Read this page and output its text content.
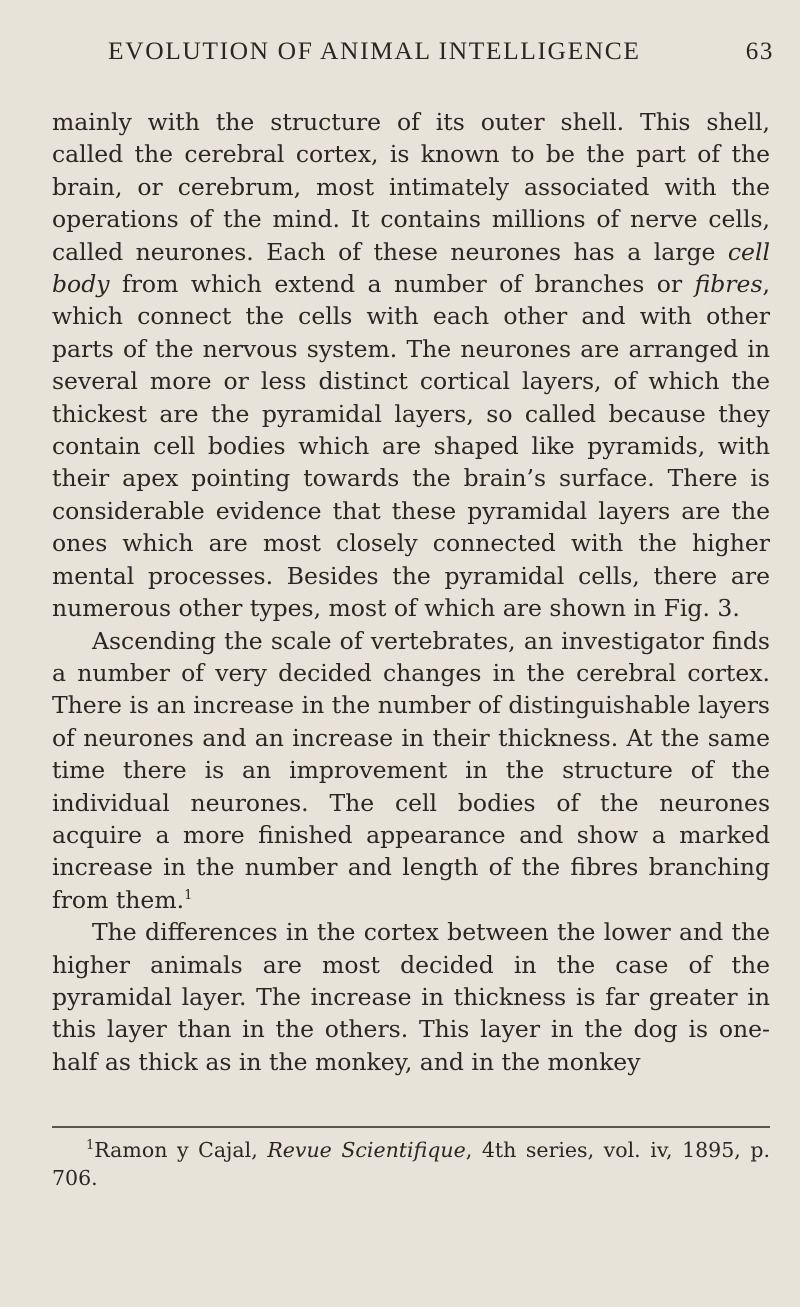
EVOLUTION OF ANIMAL INTELLIGENCE	63

mainly with the structure of its outer shell. This shell, called the cerebral cortex, is known to be the part of the brain, or cerebrum, most intimately associated with the operations of the mind. It contains millions of nerve cells, called neurones. Each of these neurones has a large cell body from which extend a number of branches or fibres, which connect the cells with each other and with other parts of the nervous system. The neurones are arranged in several more or less distinct cortical layers, of which the thickest are the pyramidal layers, so called because they contain cell bodies which are shaped like pyramids, with their apex pointing towards the brain’s surface. There is considerable evidence that these pyramidal layers are the ones which are most closely connected with the higher mental processes. Besides the pyramidal cells, there are numerous other types, most of which are shown in Fig. 3.

Ascending the scale of vertebrates, an investigator finds a number of very decided changes in the cerebral cortex. There is an increase in the number of distinguishable layers of neurones and an increase in their thickness. At the same time there is an improvement in the structure of the individual neurones. The cell bodies of the neurones acquire a more finished appearance and show a marked increase in the number and length of the fibres branching from them.$^1$

The differences in the cortex between the lower and the higher animals are most decided in the case of the pyramidal layer. The increase in thickness is far greater in this layer than in the others. This layer in the dog is one-half as thick as in the monkey, and in the monkey

$^1$Ramon y Cajal, Revue Scientifique, 4th series, vol. iv, 1895, p. 706.
